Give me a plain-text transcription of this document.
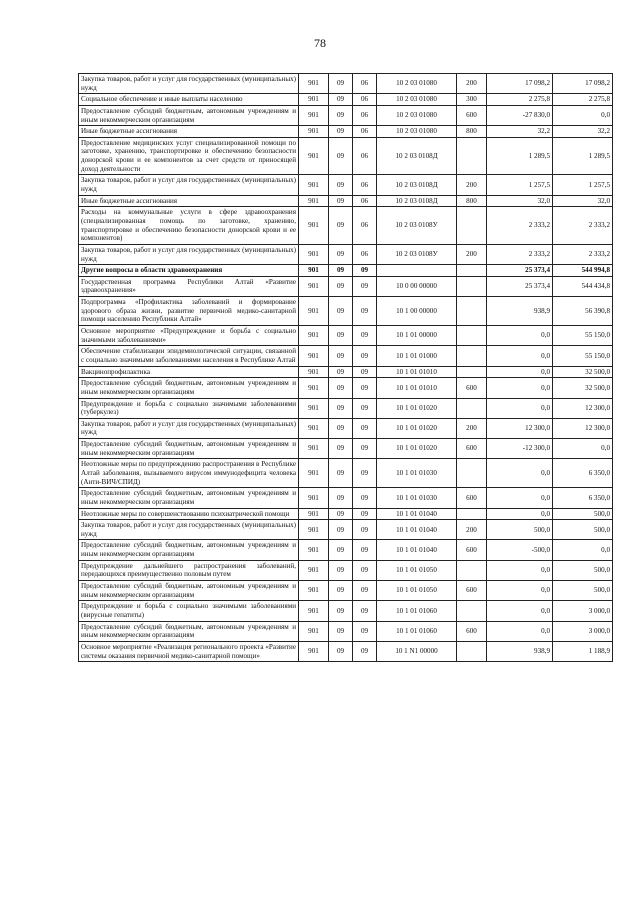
78
Закупка товаров, работ и услуг для государственных (муниципальных) нужд	901	09	06	10 2 03 01080	200	17 098,2	17 098,2
Социальное обеспечение и иные выплаты населению	901	09	06	10 2 03 01080	300	2 275,8	2 275,8
Предоставление субсидий бюджетным, автономным учреждениям и иным некоммерческим организациям	901	09	06	10 2 03 01080	600	-27 830,0	0,0
Иные бюджетные ассигнования	901	09	06	10 2 03 01080	800	32,2	32,2
Предоставление медицинских услуг специализированной помощи по заготовке, хранению, транспортировке и обеспечению безопасности донорской крови и ее компонентов за счет средств от приносящей доход деятельности	901	09	06	10 2 03 0108Д		1 289,5	1 289,5
Закупка товаров, работ и услуг для государственных (муниципальных) нужд	901	09	06	10 2 03 0108Д	200	1 257,5	1 257,5
Иные бюджетные ассигнования	901	09	06	10 2 03 0108Д	800	32,0	32,0
Расходы на коммунальные услуги в сфере здравоохранения (специализированная помощь по заготовке, хранению, транспортировке и обеспечению безопасности донорской крови и ее компонентов)	901	09	06	10 2 03 0108У		2 333,2	2 333,2
Закупка товаров, работ и услуг для государственных (муниципальных) нужд	901	09	06	10 2 03 0108У	200	2 333,2	2 333,2
Другие вопросы в области здравоохранения	901	09	09			25 373,4	544 994,8
Государственная программа Республики Алтай «Развитие здравоохранения»	901	09	09	10 0 00 00000		25 373,4	544 434,8
Подпрограмма «Профилактика заболеваний и формирование здорового образа жизни, развитие первичной медико-санитарной помощи населению Республики Алтай»	901	09	09	10 1 00 00000		938,9	56 390,8
Основное мероприятие «Предупреждение и борьба с социально значимыми заболеваниями»	901	09	09	10 1 01 00000		0,0	55 150,0
Обеспечение стабилизации эпидемиологической ситуации, связанной с социально значимыми заболеваниями населения в Республике Алтай	901	09	09	10 1 01 01000		0,0	55 150,0
Вакцинопрофилактика	901	09	09	10 1 01 01010		0,0	32 500,0
Предоставление субсидий бюджетным, автономным учреждениям и иным некоммерческим организациям	901	09	09	10 1 01 01010	600	0,0	32 500,0
Предупреждение и борьба с социально значимыми заболеваниями (туберкулез)	901	09	09	10 1 01 01020		0,0	12 300,0
Закупка товаров, работ и услуг для государственных (муниципальных) нужд	901	09	09	10 1 01 01020	200	12 300,0	12 300,0
Предоставление субсидий бюджетным, автономным учреждениям и иным некоммерческим организациям	901	09	09	10 1 01 01020	600	-12 300,0	0,0
Неотложные меры по предупреждению распространения в Республике Алтай заболевания, вызываемого вирусом иммунодефицита человека (Анти-ВИЧ/СПИД)	901	09	09	10 1 01 01030		0,0	6 350,0
Предоставление субсидий бюджетным, автономным учреждениям и иным некоммерческим организациям	901	09	09	10 1 01 01030	600	0,0	6 350,0
Неотложные меры по совершенствованию психиатрической помощи	901	09	09	10 1 01 01040		0,0	500,0
Закупка товаров, работ и услуг для государственных (муниципальных) нужд	901	09	09	10 1 01 01040	200	500,0	500,0
Предоставление субсидий бюджетным, автономным учреждениям и иным некоммерческим организациям	901	09	09	10 1 01 01040	600	-500,0	0,0
Предупреждение дальнейшего распространения заболеваний, передающихся преимущественно половым путем	901	09	09	10 1 01 01050		0,0	500,0
Предоставление субсидий бюджетным, автономным учреждениям и иным некоммерческим организациям	901	09	09	10 1 01 01050	600	0,0	500,0
Предупреждение и борьба с социально значимыми заболеваниями (вирусные гепатиты)	901	09	09	10 1 01 01060		0,0	3 000,0
Предоставление субсидий бюджетным, автономным учреждениям и иным некоммерческим организациям	901	09	09	10 1 01 01060	600	0,0	3 000,0
Основное мероприятие «Реализация регионального проекта «Развитие системы оказания первичной медико-санитарной помощи»	901	09	09	10 1 N1 00000		938,9	1 188,9
